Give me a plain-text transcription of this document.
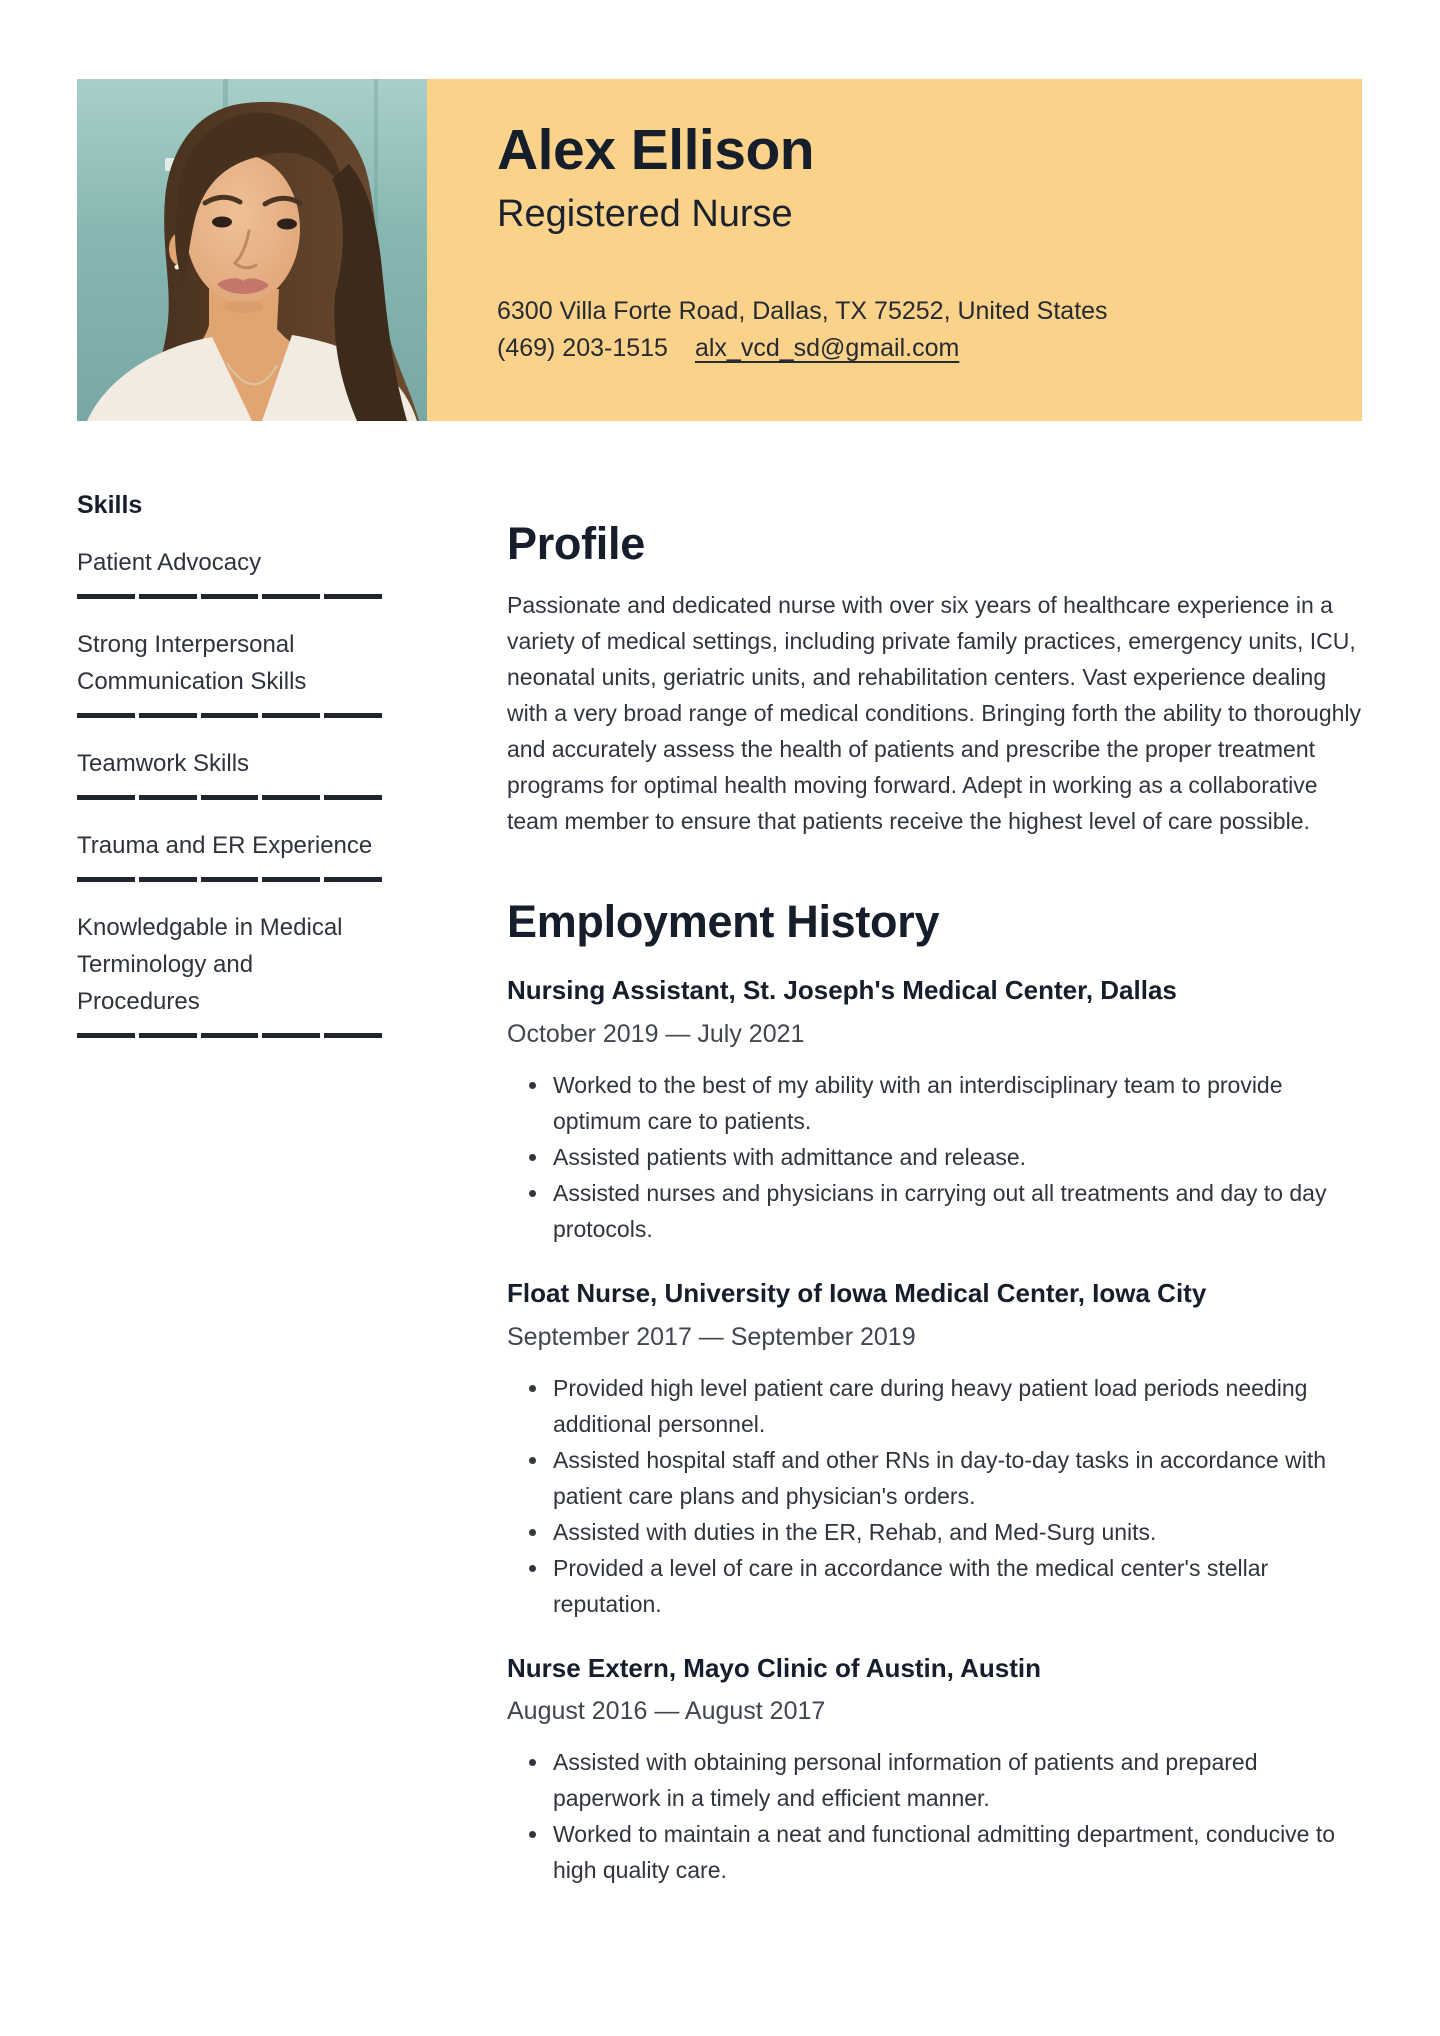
Alex Ellison
Registered Nurse
6300 Villa Forte Road, Dallas, TX 75252, United States
(469) 203-1515 alx_vcd_sd@gmail.com
Skills
Patient Advocacy
Strong Interpersonal Communication Skills
Teamwork Skills
Trauma and ER Experience
Knowledgable in Medical Terminology and Procedures
Profile

Passionate and dedicated nurse with over six years of healthcare experience in a variety of medical settings, including private family practices, emergency units, ICU, neonatal units, geriatric units, and rehabilitation centers. Vast experience dealing with a very broad range of medical conditions. Bringing forth the ability to thoroughly and accurately assess the health of patients and prescribe the proper treatment programs for optimal health moving forward. Adept in working as a collaborative team member to ensure that patients receive the highest level of care possible.

Employment History
Nursing Assistant, St. Joseph's Medical Center, Dallas
October 2019 — July 2021
Worked to the best of my ability with an interdisciplinary team to provide optimum care to patients.
Assisted patients with admittance and release.
Assisted nurses and physicians in carrying out all treatments and day to day protocols.
Float Nurse, University of Iowa Medical Center, Iowa City
September 2017 — September 2019
Provided high level patient care during heavy patient load periods needing additional personnel.
Assisted hospital staff and other RNs in day-to-day tasks in accordance with patient care plans and physician's orders.
Assisted with duties in the ER, Rehab, and Med-Surg units.
Provided a level of care in accordance with the medical center's stellar reputation.
Nurse Extern, Mayo Clinic of Austin, Austin
August 2016 — August 2017
Assisted with obtaining personal information of patients and prepared paperwork in a timely and efficient manner.
Worked to maintain a neat and functional admitting department, conducive to high quality care.
